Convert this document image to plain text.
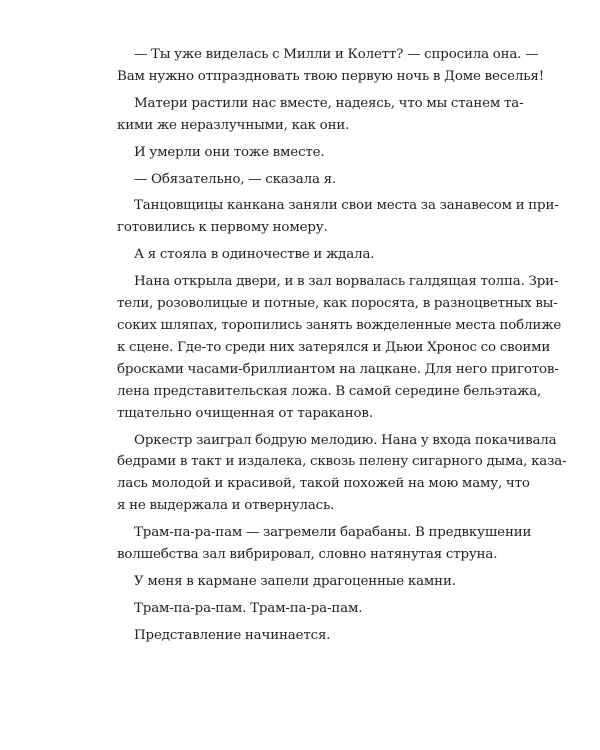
— Ты уже виделась с Милли и Колетт? — спросила она. —
Вам нужно отпраздновать твою первую ночь в Доме веселья!

Матери растили нас вместе, надеясь, что мы станем та-
кими же неразлучными, как они.

И умерли они тоже вместе.

— Обязательно, — сказала я.

Танцовщицы канкана заняли свои места за занавесом и при-
готовились к первому номеру.

А я стояла в одиночестве и ждала.

Нана открыла двери, и в зал ворвалась галдящая толпа. Зри-
тели, розоволицые и потные, как поросята, в разноцветных вы-
соких шляпах, торопились занять вожделенные места поближе
к сцене. Где-то среди них затерялся и Дьюи Хронос со своими
бросками часами-бриллиантом на лацкане. Для него приготов-
лена представительская ложа. В самой середине бельэтажа,
тщательно очищенная от тараканов.

Оркестр заиграл бодрую мелодию. Нана у входа покачивала
бедрами в такт и издалека, сквозь пелену сигарного дыма, каза-
лась молодой и красивой, такой похожей на мою маму, что
я не выдержала и отвернулась.

Трам-па-ра-пам — загремели барабаны. В предвкушении
волшебства зал вибрировал, словно натянутая струна.

У меня в кармане запели драгоценные камни.

Трам-па-ра-пам. Трам-па-ра-пам.

Представление начинается.
